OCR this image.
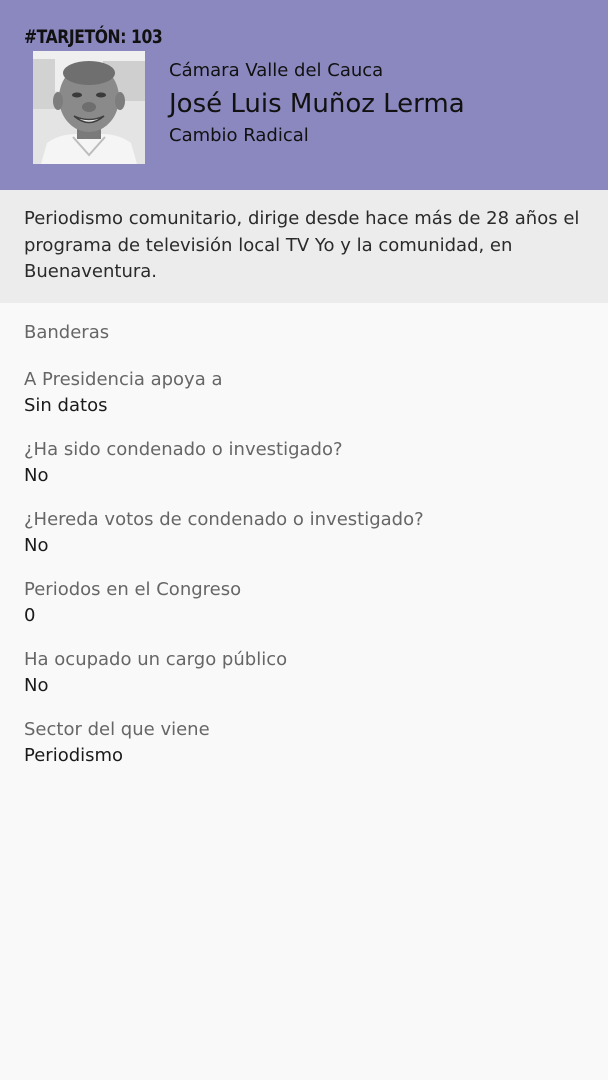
#TARJETÓN: 103
Cámara Valle del Cauca
José Luis Muñoz Lerma
Cambio Radical

Periodismo comunitario, dirige desde hace más de 28 años el programa de televisión local TV Yo y la comunidad, en Buenaventura.

Banderas
A Presidencia apoya a
Sin datos
¿Ha sido condenado o investigado?
No
¿Hereda votos de condenado o investigado?
No
Periodos en el Congreso
0
Ha ocupado un cargo público
No
Sector del que viene
Periodismo
